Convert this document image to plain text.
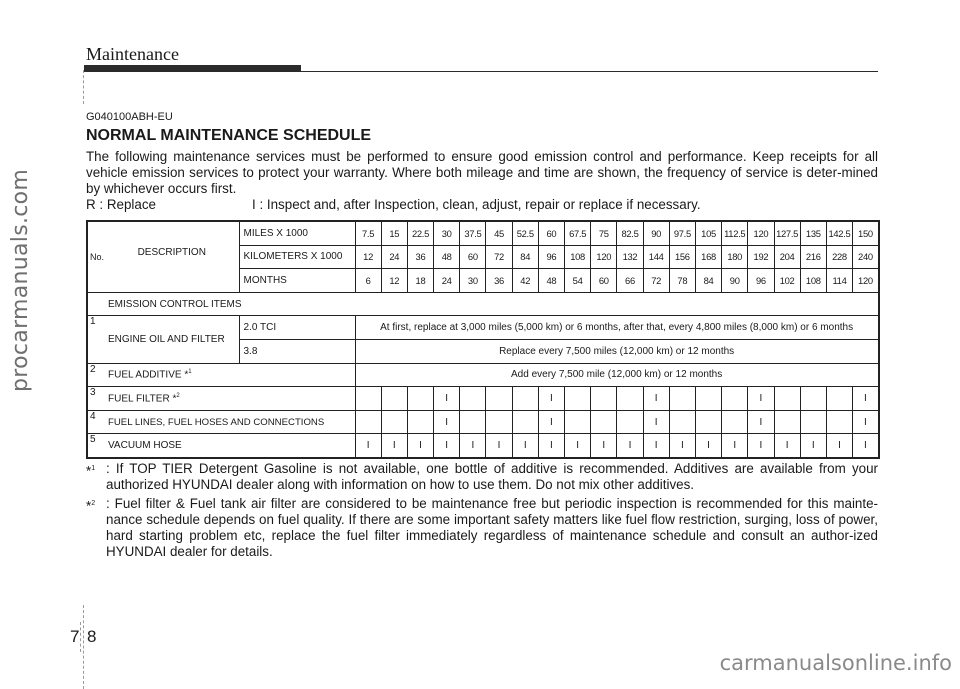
Maintenance
procarmanuals.com
G040100ABH-EU
NORMAL MAINTENANCE SCHEDULE
The following maintenance services must be performed to ensure good emission control and performance. Keep receipts for all vehicle emission services to protect your warranty. Where both mileage and time are shown, the frequency of service is deter-mined by whichever occurs first.
R : Replace	I : Inspect and, after Inspection, clean, adjust, repair or replace if necessary.
No.	DESCRIPTION	MILES X 1000	7.5	15	22.5	30	37.5	45	52.5	60	67.5	75	82.5	90	97.5	105	112.5	120	127.5	135	142.5	150
		KILOMETERS X 1000	12	24	36	48	60	72	84	96	108	120	132	144	156	168	180	192	204	216	228	240
		MONTHS	6	12	18	24	30	36	42	48	54	60	66	72	78	84	90	96	102	108	114	120
EMISSION CONTROL ITEMS																						
1	ENGINE OIL AND FILTER	2.0 TCI	At first, replace at 3,000 miles (5,000 km) or 6 months, after that, every 4,800 miles (8,000 km) or 6 months																			
		3.8	Replace every 7,500 miles (12,000 km) or 12 months																			
2	FUEL ADDITIVE *$^1$		Add every 7,500 mile (12,000 km) or 12 months																			
3	FUEL FILTER *$^2$					I				I				I				I				I
4	FUEL LINES, FUEL HOSES AND CONNECTIONS					I				I				I				I				I
5	VACUUM HOSE		I	I	I	I	I	I	I	I	I	I	I	I	I	I	I	I	I	I	I	I
*$^1$ : If TOP TIER Detergent Gasoline is not available, one bottle of additive is recommended. Additives are available from your authorized HYUNDAI dealer along with information on how to use them. Do not mix other additives.
*$^2$ : Fuel filter & Fuel tank air filter are considered to be maintenance free but periodic inspection is recommended for this mainte-nance schedule depends on fuel quality. If there are some important safety matters like fuel flow restriction, surging, loss of power, hard starting problem etc, replace the fuel filter immediately regardless of maintenance schedule and consult an author-ized HYUNDAI dealer for details.
7 8
carmanualsonline.info
